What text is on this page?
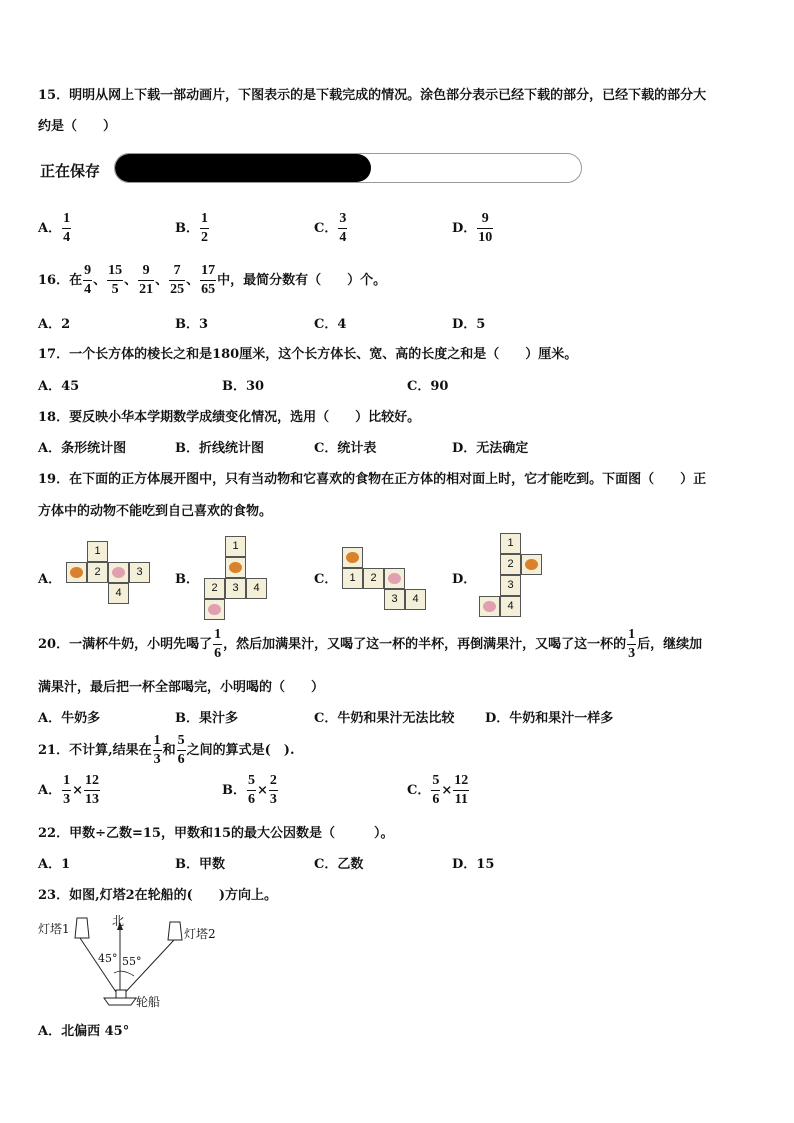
15．明明从网上下载一部动画片，下图表示的是下载完成的情况。涂色部分表示已经下载的部分，已经下载的部分大
约是（　　）
正在保存
16．在 $\frac{9}{4}$ 、 $\frac{15}{5}$ 、 $\frac{9}{21}$ 、 $\frac{7}{25}$ 、 $\frac{17}{65}$ 中，最简分数有（　　）个。
17．一个长方体的棱长之和是180厘米，这个长方体长、宽、高的长度之和是（　　）厘米。
18．要反映小华本学期数学成绩变化情况，选用（　　）比较好。
19．在下面的正方体展开图中，只有当动物和它喜欢的食物在正方体的相对面上时，它才能吃到。下面图（　　）正
方体中的动物不能吃到自己喜欢的食物。
20．一满杯牛奶，小明先喝了 $\frac{1}{6}$ ，然后加满果汁，又喝了这一杯的半杯，再倒满果汁，又喝了这一杯的 $\frac{1}{3}$ 后，继续加
满果汁，最后把一杯全部喝完，小明喝的（　　）
21．不计算,结果在 $\frac{1}{3}$ 和 $\frac{5}{6}$ 之间的算式是(　).
22．甲数÷乙数=15，甲数和15的最大公因数是（　　　）。
23．如图,灯塔2在轮船的(　　)方向上。
北
灯塔1	灯塔2
45° 55°
轮船
A．北偏西 45°
A． $\frac{1}{4}$	B． $\frac{1}{2}$	C． $\frac{3}{4}$	D． $\frac{9}{10}$
A．2	B．3	C．4	D．5
A．45	B．30	C．90
A．条形统计图	B．折线统计图	C．统计表	D．无法确定
A．
1
2	3
4
B．
1
2	3	4
C．	1	2
3	4
D．
1
2
3
4
A．牛奶多	B．果汁多	C．牛奶和果汁无法比较 D．牛奶和果汁一样多
A． $\frac{1}{3} \times \frac{12}{13}$	B． $\frac{5}{6} \times \frac{2}{3}$	C． $\frac{5}{6} \times \frac{12}{11}$
A．1	B．甲数	C．乙数	D．15
